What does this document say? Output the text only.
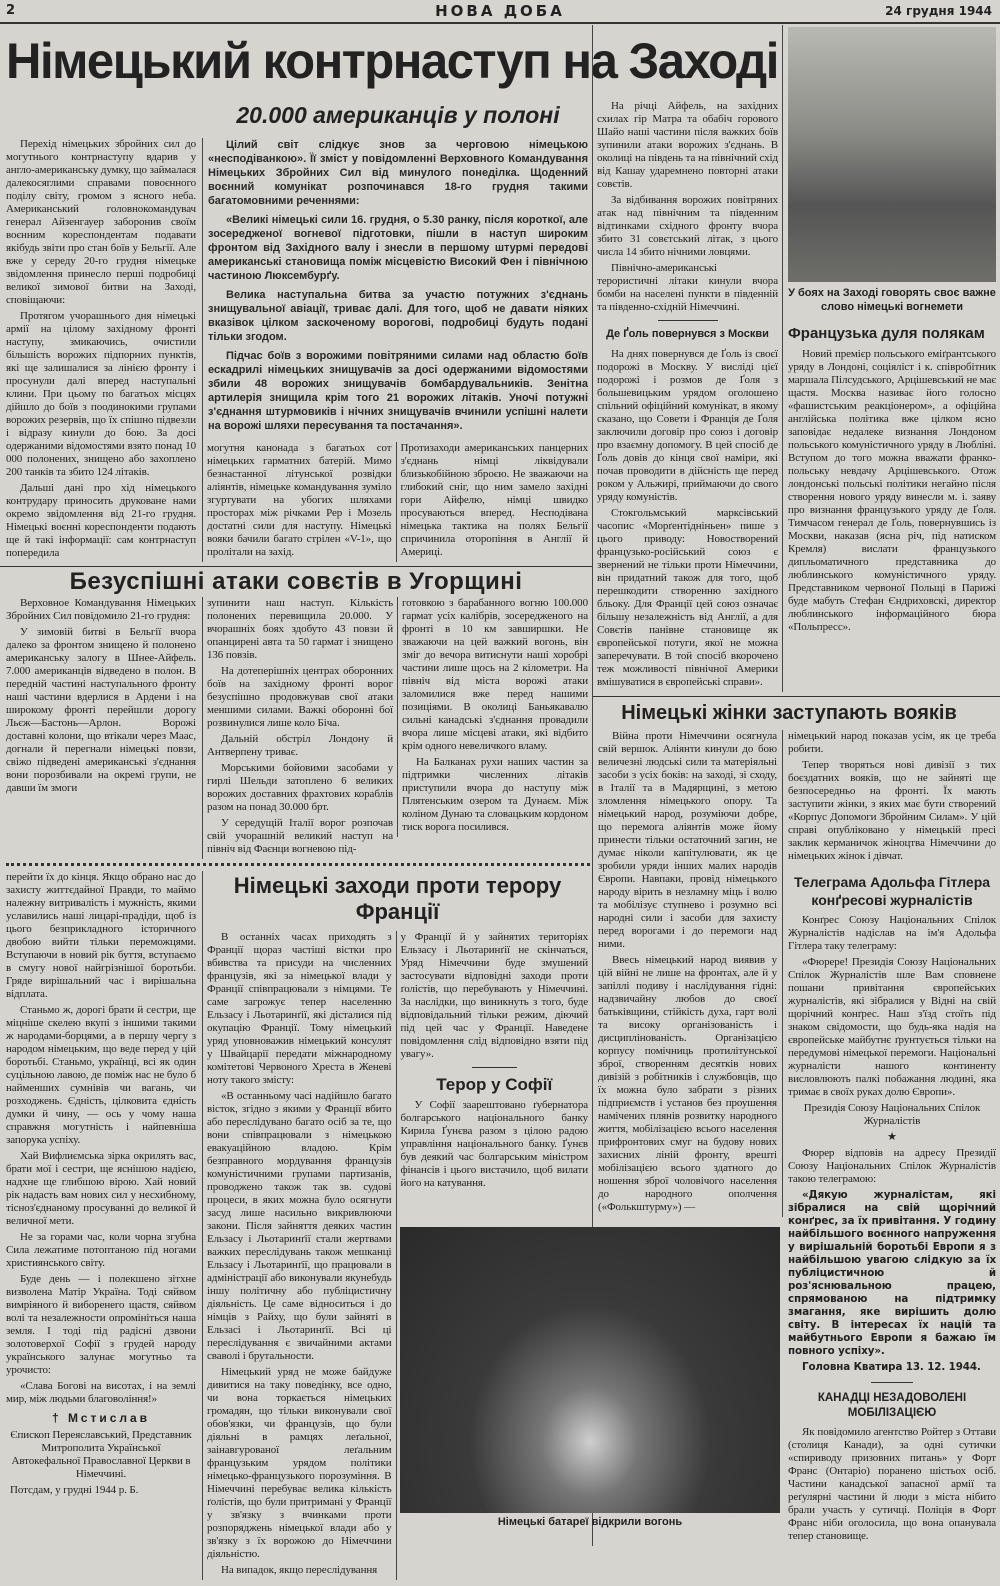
2	НОВА ДОБА	24 грудня 1944
Німецький контрнаступ на Заході
20.000 американців у полоні

Перехід німецьких збройних сил до могутнього контрнаступу вдарив у англо-американську думку, що займалася далекосяглими справами повоєнного поділу світу, громом з ясного неба. Американський головнокомандувач генерал Айзенгауер заборонив своїм воєнним кореспондентам подавати якібудь звіти про стан боїв у Бельгії. Але вже у середу 20-го грудня німецьке звідомлення принесло перші подробиці великої зимової битви на Заході, сповіщаючи:

Протягом учорашнього дня німецькі армії на цілому західному фронті наступу, змикаючись, очистили більшість ворожих підпорних пунктів, які ще залишалися за лінією фронту і просунули далі вперед наступальні клини. При цьому по багатьох місцях дійшло до боїв з поодинокими групами ворожих резервів, що їх спішно підвезли і відразу кинули до бою. За досі одержаними відомостями взято понад 10 000 полонених, знищено або захоплено 200 танків та збито 124 літаків.

Дальші дані про хід німецького контрудару приносить друковане нами окремо звідомлення від 21-го грудня. Німецькі воєнні кореспонденти подають ще й такі інформації: сам контрнаступ попередила

Цілий світ слідкує знов за черговою німецькою «несподіванкою». Її зміст у повідомленні Верховного Командування Німецьких Збройних Сил від минулого понеділка. Щоденний воєнний комунікат розпочинався 18-го грудня такими багатомовними реченнями:

«Великі німецькі сили 16. грудня, о 5.30 ранку, після короткої, але зосередженої вогневої підготовки, пішли в наступ широким фронтом від Західного валу і знесли в першому штурмі передові американські становища поміж місцевістю Високий Фен і північною частиною Люксембурґу.

Велика наступальна битва за участю потужних з'єднань знищувальної авіації, триває далі. Для того, щоб не давати ніяких вказівок цілком заскоченому ворогові, подробиці будуть подані тільки згодом.

Підчас боїв з ворожими повітряними силами над областю боїв ескадрилі німецьких знищувачів за досі одержаними відомостями збили 48 ворожих знищувачів бомбардувальників. Зенітна артилерія знищила крім того 21 ворожих літаків. Уночі потужні з'єднання штурмовиків і нічних знищувачів вчинили успішні налети на ворожі шляхи пересування та постачання».

могутня канонада з багатьох сот німецьких гарматних батерій. Мимо безнастанної літунської розвідки аліянтів, німецьке командування зуміло згуртувати на убогих шляхами просторах між річками Рер і Мозель достатні сили для наступу. Німецькі вояки бачили багато стрілен «V-1», що пролітали на захід.

Протизаходи американських панцерних з'єднань німці ліквідували близькобійною зброєю. Не зважаючи на глибокий сніг, що ним замело західні гори Айфелю, німці швидко просуваються вперед. Несподівана німецька тактика на полях Бельгії спричинила оторопіння в Англії й Америці.

Безуспішні атаки совєтів в Угорщині

Верховное Командування Німецьких Збройних Сил повідомило 21-го грудня:

У зимовій битві в Бельгії вчора далеко за фронтом знищено й полонено американську залогу в Шнее-Айфель. 7.000 американців відведено в полон. В передній частині наступального фронту наші частини вдерлися в Ардени і на широкому фронті перейшли дорогу Льєж—Бастонь—Арлон. Ворожі доставні колони, що втікали через Маас, догнали й перегнали німецькі повзи, свіжо підведені американські з'єднання вони порозбивали на окремі групи, не давши їм змоги

зупинити наш наступ. Кількість полонених перевищила 20.000. У вчорашніх боях здобуто 43 повзи й опанцирені авта та 50 гармат і знищено 136 повзів.

На дотеперішніх центрах оборонних боїв на західному фронті ворог безуспішно продовжував свої атаки меншими силами. Важкі оборонні бої розвинулися лише коло Біча.

Дальній обстріл Лондону й Антверпену триває.

Морськими бойовими засобами у гирлі Шельди затоплено 6 великих ворожих доставних фрахтових кораблів разом на понад 30.000 брт.

У середущій Італії ворог розпочав свій учорашній великий наступ на північ від Фаєнци вогневою під-

готовкою з барабанного вогню 100.000 гармат усіх калібрів, зосередженого на фронті в 10 км завширшки. Не зважаючи на цей важкий вогонь, він зміг до вечора витиснути наші хоробрі частини лише щось на 2 кілометри. На північ від міста ворожі атаки заломилися вже перед нашими позиціями. В околиці Баньякавалю сильні канадські з'єднання провадили вчора лише місцеві атаки, які відбито крім одного невеличкого вламу.

На Балканах рухи наших частин за підтримки численних літаків приступили вчора до наступу між Плятенським озером та Дунаєм. Між коліном Дунаю та словацьким кордоном тиск ворога посилився.

перейти їх до кінця. Якщо обрано нас до захисту життєдайної Правди, то маймо належну витривалість і мужність, якими уславились наші лицарі-прадіди, щоб із цього безприкладного історичного двобою вийти тільки переможцями. Вступаючи в новий рік буття, вступаємо в смугу нової найгрізнішої боротьби. Гряде вирішальний час і вирішальна відплата.

Станьмо ж, дорогі брати й сестри, ще міцніше скелею вкупі з іншими такими ж народами-борцями, а в першу чергу з народом німецьким, що веде перед у цій боротьбі. Станьмо, українці, всі як один суцільною лавою, де поміж нас не було б найменших сумнівів чи вагань, чи розходжень. Єдність, цілковита єдність думки й чину, — ось у чому наша справжня могутність і найпевніша запорука успіху.

Хай Вифлиємська зірка окрилять вас, брати мої і сестри, ще яснішою надією, надхне ще глибшою вірою. Хай новий рік надасть вам нових сил у несхибному, тісноз'єднаному просуванні до великої й величної мети.

Не за горами час, коли чорна згубна Сила лежатиме потоптаною під ногами християнського світу.

Буде день — і полекшено зітхне визволена Матір Україна. Тоді сяйвом вимріяного й виборенего щастя, сяйвом волі та незалежности опромініться наша земля. І тоді під радісні дзвони золотоверхої Софії з грудей народу українського залунає могутньо та урочисто:

«Слава Богові на висотах, і на землі мир, між людьми благовоління!»

† Мстислав

Єпископ Переяславський, Представник Митрополита Української Автокефальної Православної Церкви в Німеччині.

Потсдам, у грудні 1944 р. Б.

Німецькі заходи проти терору Франції

В останніх часах приходять з Франції щораз частіші вістки про вбивства та присуди на численних французів, які за німецької влади у Франції співпрацювали з німцями. Те саме загрожує тепер населенню Ельзасу і Льотаринґії, які дісталися під окупацію Франції. Тому німецький уряд уповноважив німецький консулят у Швайцарії передати міжнародному комітетові Червоного Хреста в Женеві ноту такого змісту:

«В останньому часі надійшло багато вісток, згідно з якими у Франції вбито або переслідувано багато осіб за те, що вони співпрацювали з німецькою евакуаційною владою. Крім безправного мордування французів комуністичними групами партизанів, проводжено також так зв. судові процеси, в яких можна було осягнути засуд лише насильно викривлюючи закони. Після зайняття деяких частин Ельзасу і Льотаринґії стали жертвами важких переслідувань також мешканці Ельзасу і Льотаринґії, що працювали в адміністрації або виконували якунебудь іншу політичну або публіцистичну діяльність. Це саме відноситься і до німців з Райху, що були зайняті в Ельзасі і Льотаринґії. Всі ці переслідування є звичайними актами сваволі і брутальности.

Німецький уряд не може байдуже дивитися на таку поведінку, все одно, чи вона торкається німецьких громадян, що тільки виконували свої обов'язки, чи французів, що були діяльні в рамцях леґальної, заінавгурованої леґальним французьким урядом політики німецько-французького порозуміння. В Німеччині перебуває велика кількість ґолістів, що були притримані у Франції у зв'язку з вчинками проти розпоряджень німецької влади або у зв'язку з їх ворожою до Німеччини діяльністю.

На випадок, якщо переслідування

у Франції й у зайнятих територіях Ельзасу і Льотаринґії не скінчаться, Уряд Німеччини буде змушений застосувати відповідні заходи проти ґолістів, що перебувають у Німеччині. За наслідки, що виникнуть з того, буде відповідальний тільки режим, діючий під цей час у Франції. Наведене повідомлення слід відповідно взяти під увагу».

Терор у Софії

У Софії заарештовано ґубернатора болгарського національного банку Кирила Ґунєва разом з цілою радою управління національного банку. Ґунєв був деякий час болгарським міністром фінансів і цього вистачило, щоб вилати його на катування.

На річці Айфель, на західних схилах гір Матра та обабіч горового Шайо наші частини після важких боїв зупинили атаки ворожих з'єднань. В околиці на південь та на північний схід від Кашау ударемнено повторні атаки совєтів.

За відбивання ворожих повітряних атак над північним та південним відтинками східного фронту вчора збито 31 совєтський літак, з цього числа 14 збито нічними ловцями.

Північно-американські терористичні літаки кинули вчора бомби на населені пункти в південній та південно-східній Німеччині.

Де Ґоль повернувся з Москви

На днях повернувся де Ґоль із своєї подорожі в Москву. У висліді цієї подорожі і розмов де Ґоля з большевицьким урядом оголошено спільний офіційний комунікат, в якому сказано, що Совети і Франція де Ґоля заключили договір про союз і договір про взаємну допомогу. В цей спосіб де Ґоль довів до кінця свої наміри, які почав проводити в дійсність ще перед роком у Альжирі, приймаючи до свого уряду комуністів.

Стокгольмський марксівський часопис «Морґентідніньен» пише з цього приводу: Новостворений французько-російський союз є звернений не тільки проти Німеччини, він придатний також для того, щоб перешкодити створенню західного бльоку. Для Франції цей союз означає більшу незалежність від Англії, а для Совєтів панівне становище як європейської потуги, якої не можна заперечувати. В той спосіб вкорочено теж можливості північної Америки вмішуватися в європейські справи».

У боях на Заході говорять своє важне слово німецькі вогнемети
Французька дуля полякам

Новий премієр польського еміґрантського уряду в Лондоні, соціяліст і к. співробітник маршала Пілсудського, Арцішевський не має щастя. Москва називає його голосно «фашистським реакціонером», а офіційна англійська політика вже цілком ясно заповідає недалеке визнання Лондоном польського комуністичного уряду в Любліні. Вступом до того можна вважати франко-польську невдачу Арцішевського. Отож лондонські польські політики негайно після створення нового уряду винесли м. і. заяву про визнання французького уряду де Ґоля. Тимчасом генерал де Ґоль, повернувшись із Москви, наказав (ясна річ, під натиском Кремля) вислати французького дипльоматичного представника до люблинського комуністичного уряду. Представником червоної Польщі в Парижі буде мабуть Стефан Єндриховскі, директор люблинського інформаційного бюра «Польпресс».

Німецькі жінки заступають вояків

Війна проти Німеччини осягнула свій вершок. Аліянти кинули до бою величезні людські сили та матеріяльні засоби з усіх боків: на заході, зі сходу, в Італії та в Мадярщині, з метою зломлення німецького опору. Та німецький народ, розуміючи добре, що перемога аліянтів може йому принести тільки остаточний загин, не думає ніколи капітулювати, як це зробили уряди інших малих народів Європи. Навпаки, провід німецького народу вірить в незламну міць і волю та мобілізує ступнево і розумно всі народні сили і засоби для захисту перед ворогами і до перемоги над ними.

Ввесь німецький народ виявив у цій війні не лише на фронтах, але й у запіллі подиву і наслідування гідні: надзвичайну любов до своєї батьківщини, стійкість духа, гарт волі та високу організованість і дисциплінованість. Організацією корпусу помічниць протилітунської зброї, створенням десятків нових дивізій з робітників і службовців, що їх можна було забрати з різних підприємств і установ без проушення намічених плянів розвитку народного життя, мобілізацією всього населення прифронтових смуг на будову нових захисних ліній фронту, врешті мобілізацією всього здатного до ношення зброї чоловічого населення до народного ополчення («Фолькштурму») —

німецький народ показав усім, як це треба робити.

Тепер творяться нові дивізії з тих боєздатних вояків, що не зайняті ще безпосередньо на фронті. Їх мають заступити жінки, з яких має бути створений «Корпус Допомоги Збройним Силам». У цій справі опубліковано у німецькій пресі заклик керманичок жіноцтва Німеччини до німецьких жінок і дівчат.

Телеграма Адольфа Гітлера конґресові журналістів

Конґрес Союзу Національних Спілок Журналістів надіслав на ім'я Адольфа Гітлера таку телеграму:

«Фюрере! Президія Союзу Національних Спілок Журналістів шле Вам сповнене пошани привітання європейських журналістів, які зібралися у Відні на свій щорічний конґрес. Наш з'їзд стоїть під знаком свідомости, що будь-яка надія на європейське майбутнє ґрунтується тільки на передумові німецької перемоги. Національні журналісти нашого континенту висловлюють палкі побажання людині, яка тримає в своїх руках долю Європи».

Президія Союзу Національних Спілок Журналістів

★

Фюрер відповів на адресу Президії Союзу Національних Спілок Журналістів такою телеграмою:

«Дякую журналістам, які зібралися на свій щорічний конґрес, за їх привітання. У годину найбільшого воєнного напруження у вирішальній боротьбі Европи я з найбільшою увагою слідкую за їх публіцистичною й роз'яснювальною працею, спрямованою на підтримку змагання, яке вирішить долю світу. В інтересах їх націй та майбутнього Европи я бажаю їм повного успіху».

Головна Кватира 13. 12. 1944.

КАНАДЦІ НЕЗАДОВОЛЕНІ МОБІЛІЗАЦІЄЮ

Як повідомило агентство Ройтер з Оттави (столиця Канади), за одні сутички «спириводу призовних питань» у Форт Франс (Онтаріо) поранено шістьох осіб. Частини канадської запасної армії та реґулярні частини й люди з міста нібито брали участь у сутичці. Поліція в Форт Франс ніби оголосила, що вона опанувала тепер становище.

Німецькі батареї відкрили вогонь
